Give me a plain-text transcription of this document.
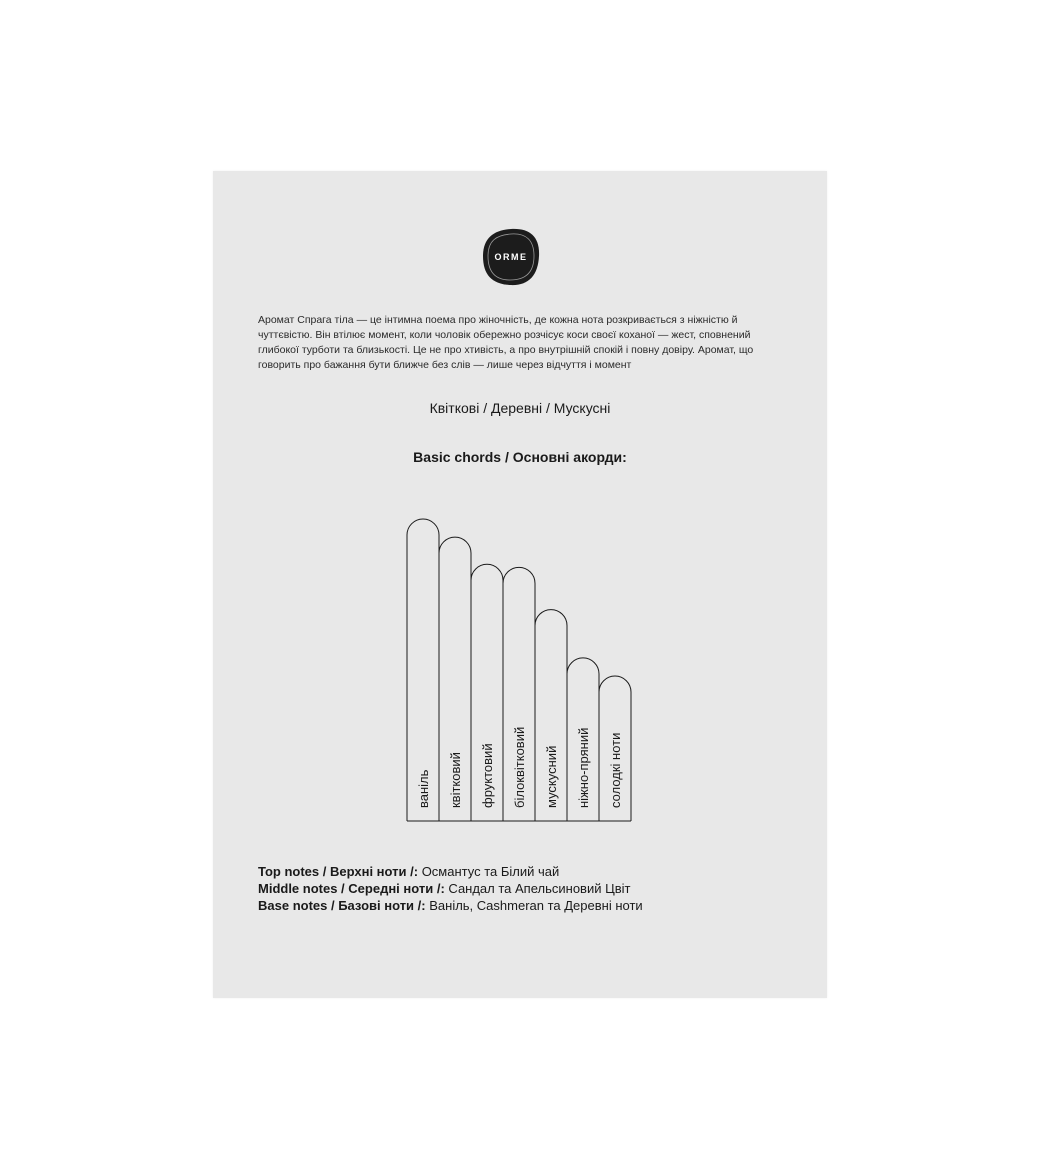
ORME

Аромат Спрага тіла — це інтимна поема про жіночність, де кожна нота розкривається з ніжністю й чуттєвістю. Він втілює момент, коли чоловік обережно розчісує коси своєї коханої — жест, сповнений глибокої турботи та близькості. Це не про хтивість, а про внутрішній спокій і повну довіру. Аромат, що говорить про бажання бути ближче без слів — лише через відчуття і момент

Квіткові / Деревні / Мускусні
Basic chords / Основні акорди:
ваніль квітковий фруктовий білоквітковий мускусний ніжно-пряний солодкі ноти
Top notes / Верхні ноти /: Османтус та Білий чай
Middle notes / Середні ноти /: Сандал та Апельсиновий Цвіт
Base notes / Базові ноти /: Ваніль, Cashmeran та Деревні ноти
